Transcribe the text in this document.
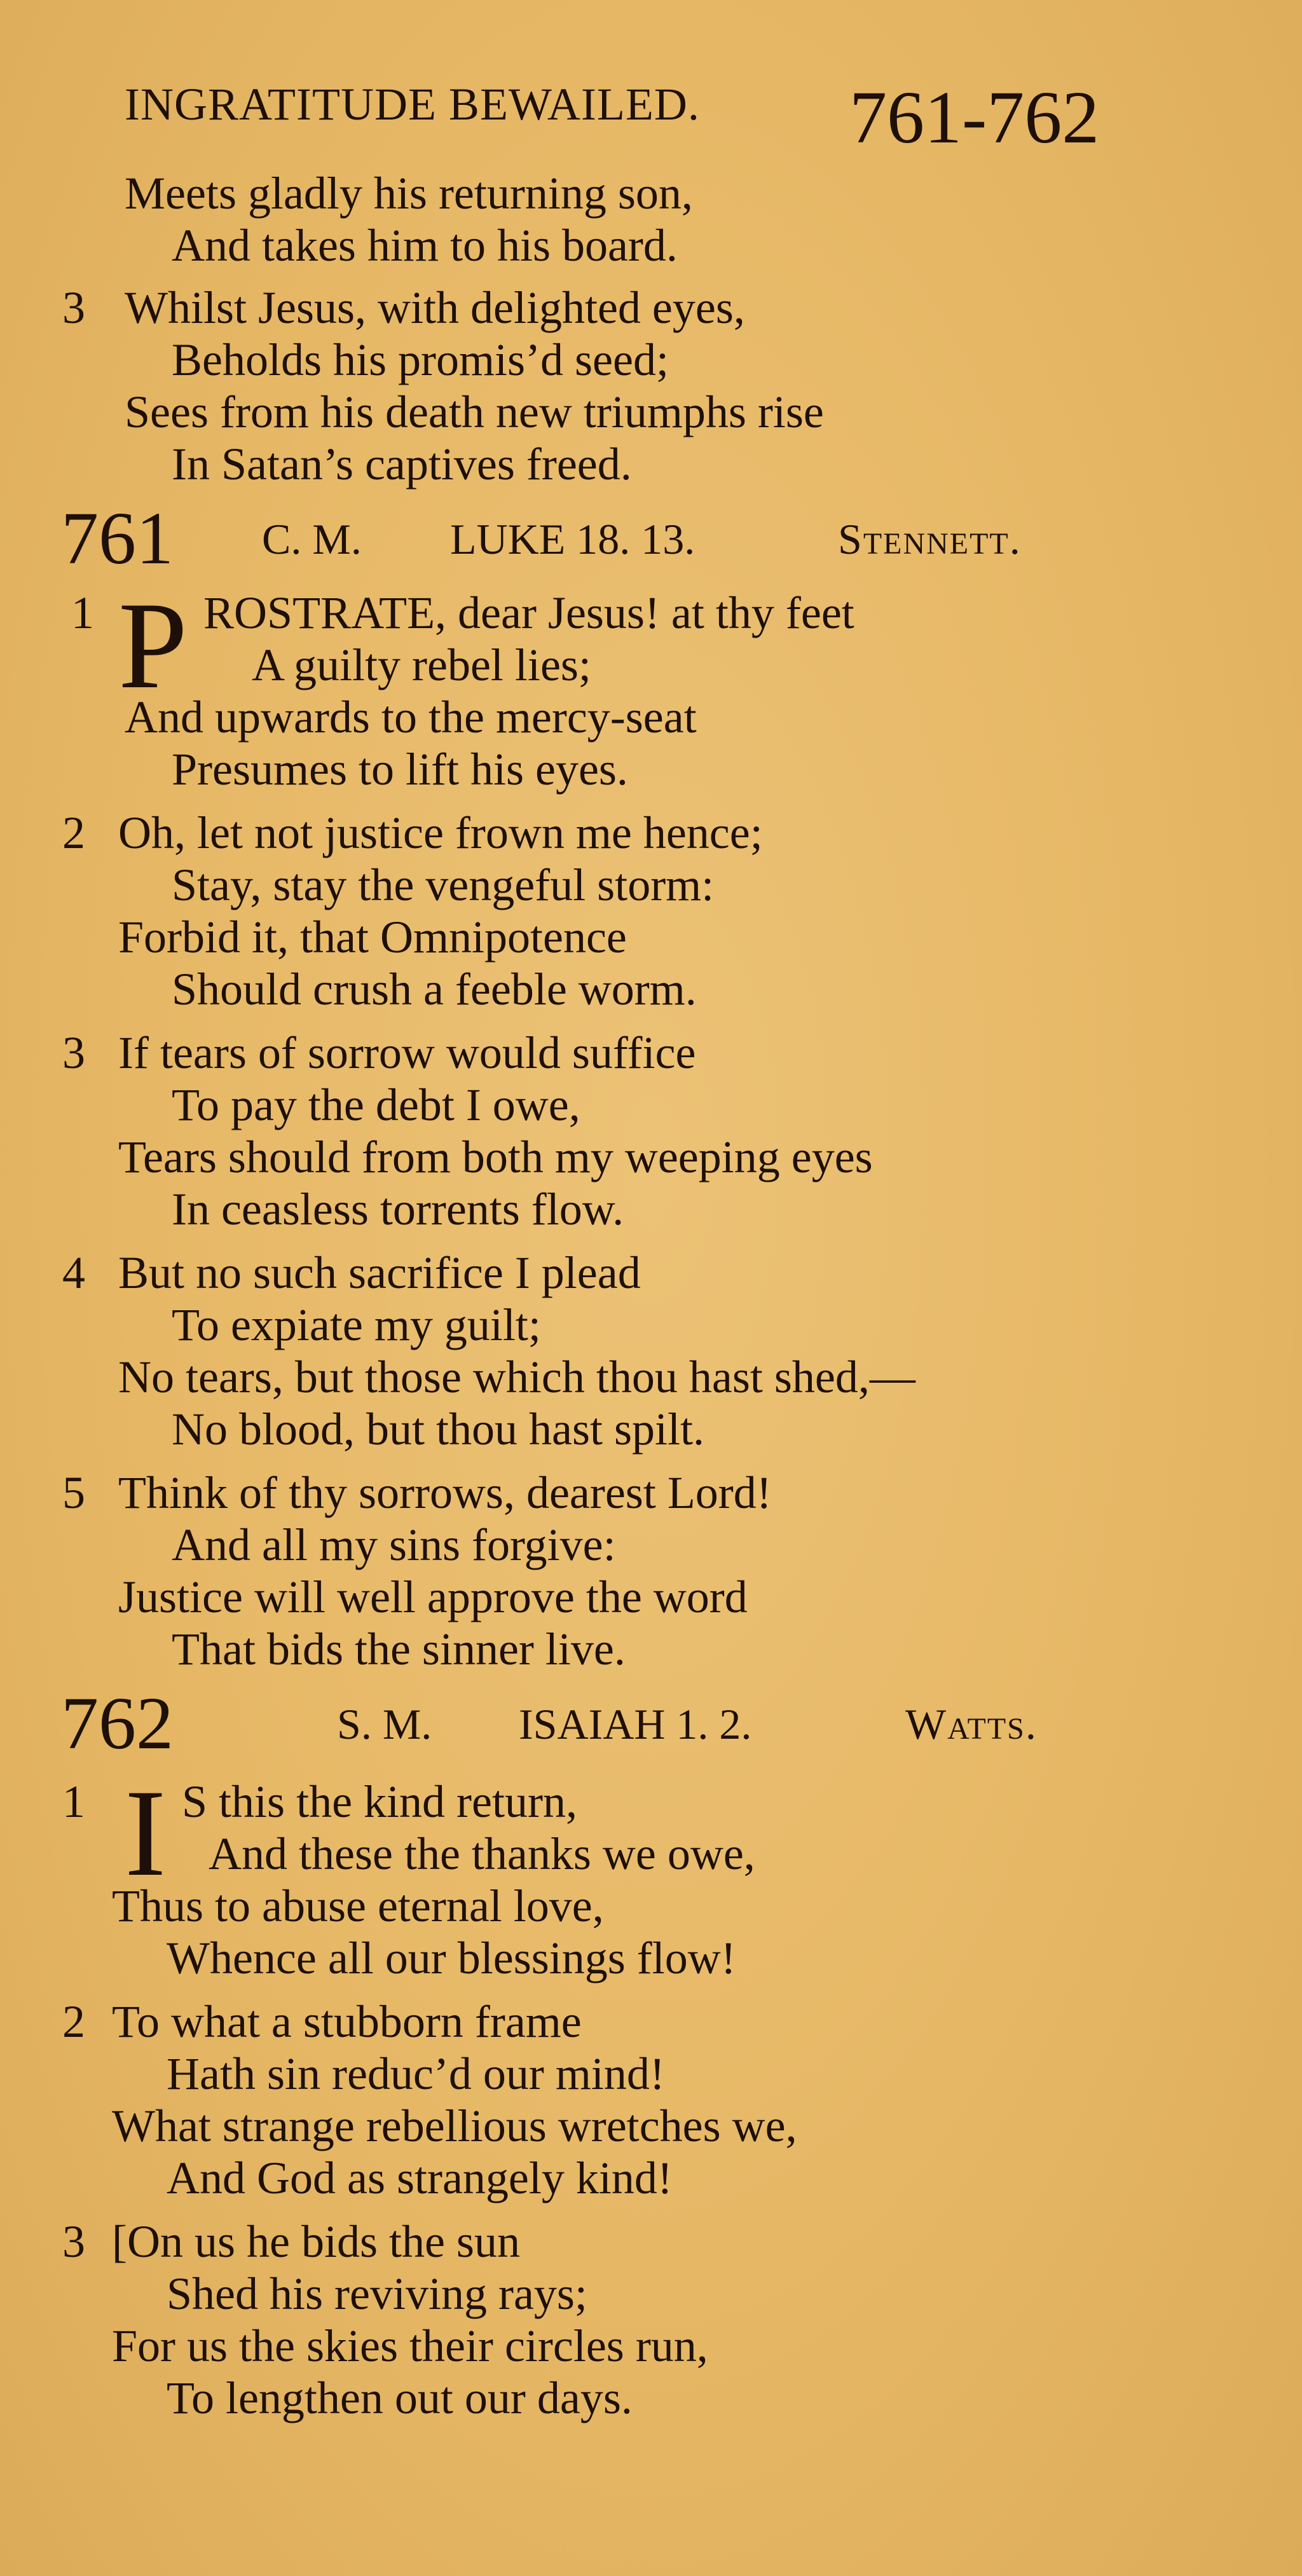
INGRATITUDE BEWAILED. 761-762
Meets gladly his returning son,
And takes him to his board.
3 Whilst Jesus, with delighted eyes,
Beholds his promis’d seed;
Sees from his death new triumphs rise
In Satan’s captives freed.
761 C. M. LUKE 18. 13.	Stennett.
1 P ROSTRATE, dear Jesus! at thy feet
A guilty rebel lies;
And upwards to the mercy-seat
Presumes to lift his eyes.
2 Oh, let not justice frown me hence;
Stay, stay the vengeful storm:
Forbid it, that Omnipotence
Should crush a feeble worm.
3 If tears of sorrow would suffice
To pay the debt I owe,
Tears should from both my weeping eyes
In ceasless torrents flow.
4 But no such sacrifice I plead
To expiate my guilt;
No tears, but those which thou hast shed,—
No blood, but thou hast spilt.
5 Think of thy sorrows, dearest Lord!
And all my sins forgive:
Justice will well approve the word
That bids the sinner live.
762	S. M. ISAIAH 1. 2.	Watts.
1 I S this the kind return,
And these the thanks we owe,
Thus to abuse eternal love,
Whence all our blessings flow!
2 To what a stubborn frame
Hath sin reduc’d our mind!
What strange rebellious wretches we,
And God as strangely kind!
3 [On us he bids the sun
Shed his reviving rays;
For us the skies their circles run,
To lengthen out our days.
